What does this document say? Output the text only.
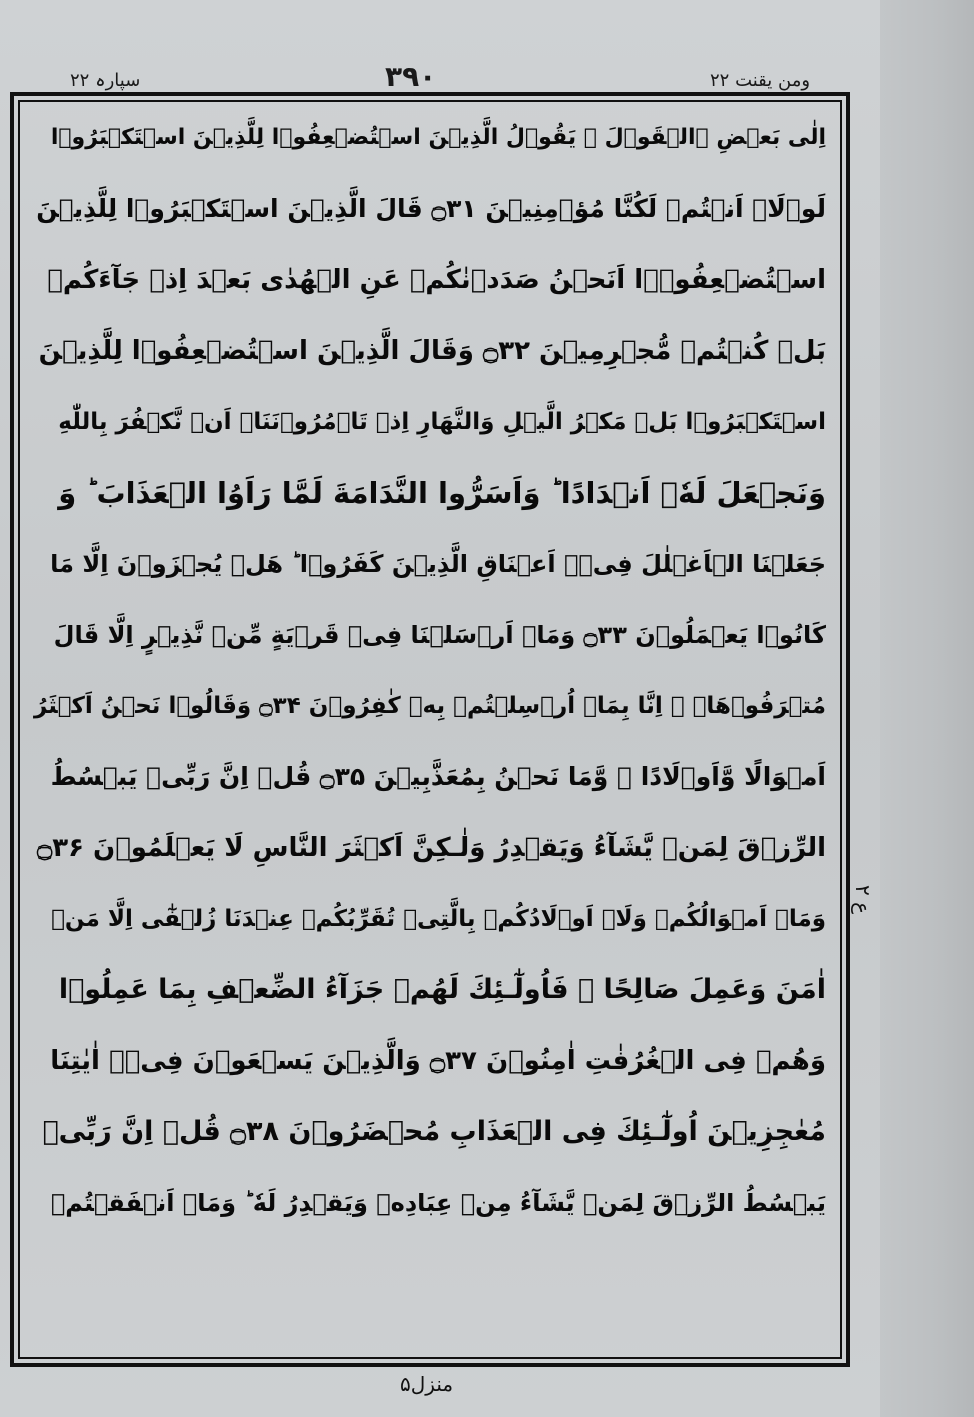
سپارہ ۲۲	۳۹۰	ومن یقنت ۲۲
اِلٰى بَعۡضِ ۨالۡقَوۡلَ ۚ يَقُوۡلُ الَّذِيۡنَ اسۡتُضۡعِفُوۡا لِلَّذِيۡنَ اسۡتَكۡبَرُوۡا
لَوۡلَاۤ اَنۡتُمۡ لَكُنَّا مُؤۡمِنِيۡنَ ۝۳۱ قَالَ الَّذِيۡنَ اسۡتَكۡبَرُوۡا لِلَّذِيۡنَ
اسۡتُضۡعِفُوۡۤا اَنَحۡنُ صَدَدۡنٰكُمۡ عَنِ الۡهُدٰى بَعۡدَ اِذۡ جَآءَكُمۡ
بَلۡ كُنۡتُمۡ مُّجۡرِمِيۡنَ ۝۳۲ وَقَالَ الَّذِيۡنَ اسۡتُضۡعِفُوۡا لِلَّذِيۡنَ
اسۡتَكۡبَرُوۡا بَلۡ مَكۡرُ الَّيۡلِ وَالنَّهَارِ اِذۡ تَاۡمُرُوۡنَنَاۤ اَنۡ نَّكۡفُرَ بِاللّٰهِ
وَنَجۡعَلَ لَهٗۤ اَنۡدَادًا ؕ وَاَسَرُّوا النَّدَامَةَ لَمَّا رَاَوُا الۡعَذَابَ ؕ وَ
جَعَلۡنَا الۡاَغۡلٰلَ فِىۡۤ اَعۡنَاقِ الَّذِيۡنَ كَفَرُوۡا ؕ هَلۡ يُجۡزَوۡنَ اِلَّا مَا
كَانُوۡا يَعۡمَلُوۡنَ ۝۳۳ وَمَاۤ اَرۡسَلۡنَا فِىۡ قَرۡيَةٍ مِّنۡ نَّذِيۡرٍ اِلَّا قَالَ
مُتۡرَفُوۡهَاۤ ۙ اِنَّا بِمَاۤ اُرۡسِلۡتُمۡ بِهٖ كٰفِرُوۡنَ ۝۳۴ وَقَالُوۡا نَحۡنُ اَكۡثَرُ
اَمۡوَالًا وَّاَوۡلَادًا ۙ وَّمَا نَحۡنُ بِمُعَذَّبِيۡنَ ۝۳۵ قُلۡ اِنَّ رَبِّىۡ يَبۡسُطُ
الرِّزۡقَ لِمَنۡ يَّشَآءُ وَيَقۡدِرُ وَلٰـكِنَّ اَكۡثَرَ النَّاسِ لَا يَعۡلَمُوۡنَ ۝۳۶
وَمَاۤ اَمۡوَالُكُمۡ وَلَاۤ اَوۡلَادُكُمۡ بِالَّتِىۡ تُقَرِّبُكُمۡ عِنۡدَنَا زُلۡفٰٓى اِلَّا مَنۡ
اٰمَنَ وَعَمِلَ صَالِحًا ۙ فَاُولٰٓـئِكَ لَهُمۡ جَزَآءُ الضِّعۡفِ بِمَا عَمِلُوۡا
وَهُمۡ فِى الۡغُرُفٰتِ اٰمِنُوۡنَ ۝۳۷ وَالَّذِيۡنَ يَسۡعَوۡنَ فِىۡۤ اٰيٰتِنَا
مُعٰجِزِيۡنَ اُولٰٓـئِكَ فِى الۡعَذَابِ مُحۡضَرُوۡنَ ۝۳۸ قُلۡ اِنَّ رَبِّىۡ
يَبۡسُطُ الرِّزۡقَ لِمَنۡ يَّشَآءُ مِنۡ عِبَادِهٖ وَيَقۡدِرُ لَهٗ ؕ وَمَاۤ اَنۡفَقۡتُمۡ
ع ۲
منزل۵
